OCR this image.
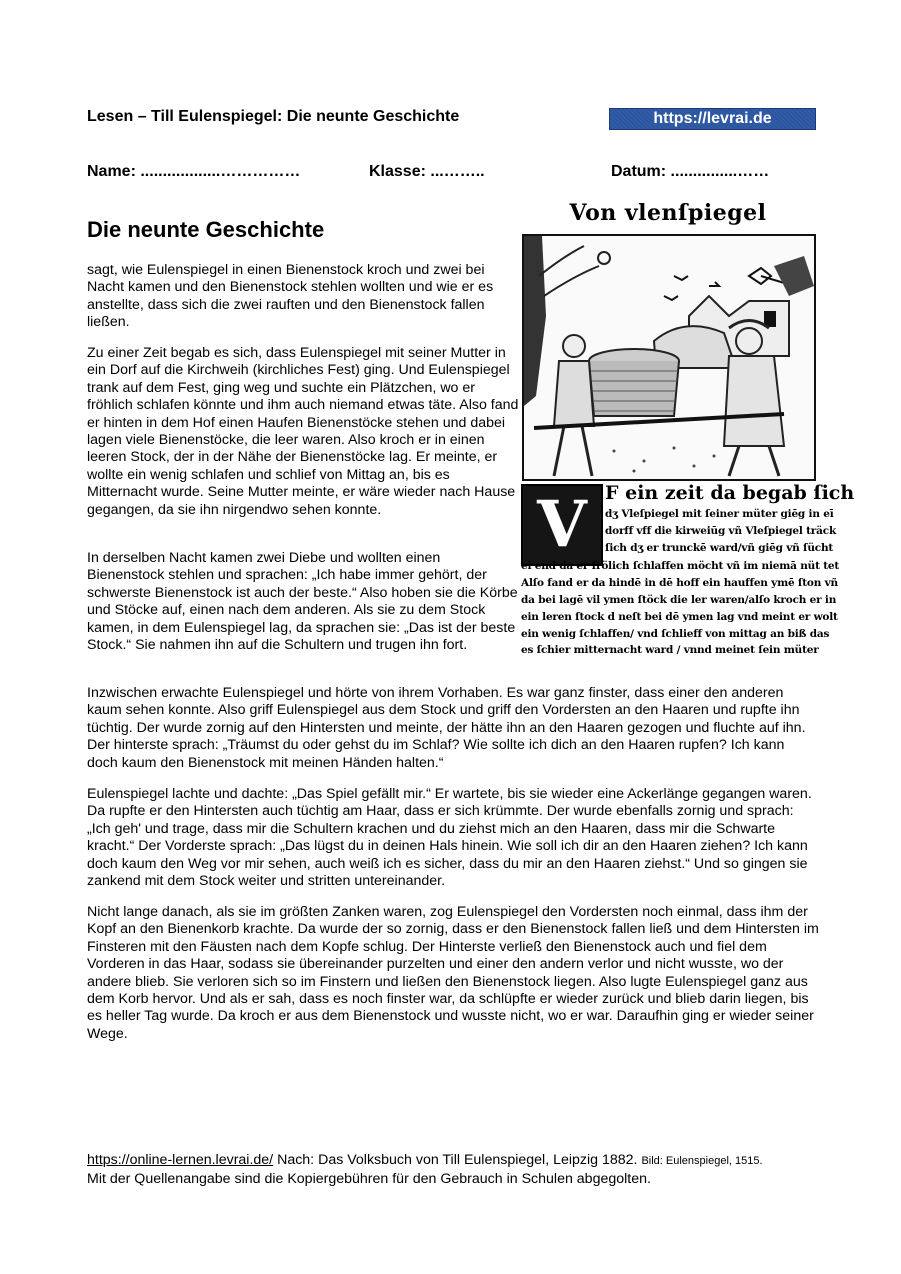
Lesen – Till Eulenspiegel: Die neunte Geschichte	https://levrai.de
Name: ..................……………	Klasse: ...……..	Datum: ...............……
Die neunte Geschichte

sagt, wie Eulenspiegel in einen Bienenstock kroch und zwei bei Nacht kamen und den Bienenstock stehlen wollten und wie er es anstellte, dass sich die zwei rauften und den Bienenstock fallen ließen.

Zu einer Zeit begab es sich, dass Eulenspiegel mit seiner Mutter in ein Dorf auf die Kirchweih (kirchliches Fest) ging. Und Eulenspiegel trank auf dem Fest, ging weg und suchte ein Plätzchen, wo er fröhlich schlafen könnte und ihm auch niemand etwas täte. Also fand er hinten in dem Hof einen Haufen Bienenstöcke stehen und dabei lagen viele Bienenstöcke, die leer waren. Also kroch er in einen leeren Stock, der in der Nähe der Bienenstöcke lag. Er meinte, er wollte ein wenig schlafen und schlief von Mittag an, bis es Mitternacht wurde. Seine Mutter meinte, er wäre wieder nach Hause gegangen, da sie ihn nirgendwo sehen konnte.

In derselben Nacht kamen zwei Diebe und wollten einen Bienenstock stehlen und sprachen: „Ich habe immer gehört, der schwerste Bienenstock ist auch der beste.“ Also hoben sie die Körbe und Stöcke auf, einen nach dem anderen. Als sie zu dem Stock kamen, in dem Eulenspiegel lag, da sprachen sie: „Das ist der beste Stock.“ Sie nahmen ihn auf die Schultern und trugen ihn fort.

Inzwischen erwachte Eulenspiegel und hörte von ihrem Vorhaben. Es war ganz finster, dass einer den anderen kaum sehen konnte. Also griff Eulenspiegel aus dem Stock und griff den Vordersten an den Haaren und rupfte ihn tüchtig. Der wurde zornig auf den Hintersten und meinte, der hätte ihn an den Haaren gezogen und fluchte auf ihn. Der hinterste sprach: „Träumst du oder gehst du im Schlaf? Wie sollte ich dich an den Haaren rupfen? Ich kann doch kaum den Bienenstock mit meinen Händen halten.“

Eulenspiegel lachte und dachte: „Das Spiel gefällt mir.“ Er wartete, bis sie wieder eine Ackerlänge gegangen waren. Da rupfte er den Hintersten auch tüchtig am Haar, dass er sich krümmte. Der wurde ebenfalls zornig und sprach: „Ich geh' und trage, dass mir die Schultern krachen und du ziehst mich an den Haaren, dass mir die Schwarte kracht.“ Der Vorderste sprach: „Das lügst du in deinen Hals hinein. Wie soll ich dir an den Haaren ziehen? Ich kann doch kaum den Weg vor mir sehen, auch weiß ich es sicher, dass du mir an den Haaren ziehst.“ Und so gingen sie zankend mit dem Stock weiter und stritten untereinander.

Nicht lange danach, als sie im größten Zanken waren, zog Eulenspiegel den Vordersten noch einmal, dass ihm der Kopf an den Bienenkorb krachte. Da wurde der so zornig, dass er den Bienenstock fallen ließ und dem Hintersten im Finsteren mit den Fäusten nach dem Kopfe schlug. Der Hinterste verließ den Bienenstock auch und fiel dem Vorderen in das Haar, sodass sie übereinander purzelten und einer den andern verlor und nicht wusste, wo der andere blieb. Sie verloren sich so im Finstern und ließen den Bienenstock liegen. Also lugte Eulenspiegel ganz aus dem Korb hervor. Und als er sah, dass es noch finster war, da schlüpfte er wieder zurück und blieb darin liegen, bis es heller Tag wurde. Da kroch er aus dem Bienenstock und wusste nicht, wo er war. Daraufhin ging er wieder seiner Wege.

Von vlenſpiegel
V F ein zeit da begab ſich
dʒ Vleſpiegel mit ſeiner müter giēg in eī
dorff vff die kirweiūg vñ Vleſpiegel träck
ſich dʒ er trunckē ward/vñ giēg vñ ſücht
eī end da er frölich ſchlaffen möcht vñ im niemā nüt tet
Alſo fand er da hindē in dē hoff ein hauffen ymē ſton vñ
da bei lagē vil ymen ſtöck die ler waren/alſo kroch er in
ein leren ſtock d neſt bei dē ymen lag vnd meint er wolt
ein wenig ſchlaffen/ vnd ſchlieff von mittag an biß das
es ſchier mitternacht ward / vnnd meinet ſein müter
https://online-lernen.levrai.de/ Nach: Das Volksbuch von Till Eulenspiegel, Leipzig 1882. Bild: Eulenspiegel, 1515.
Mit der Quellenangabe sind die Kopiergebühren für den Gebrauch in Schulen abgegolten.
